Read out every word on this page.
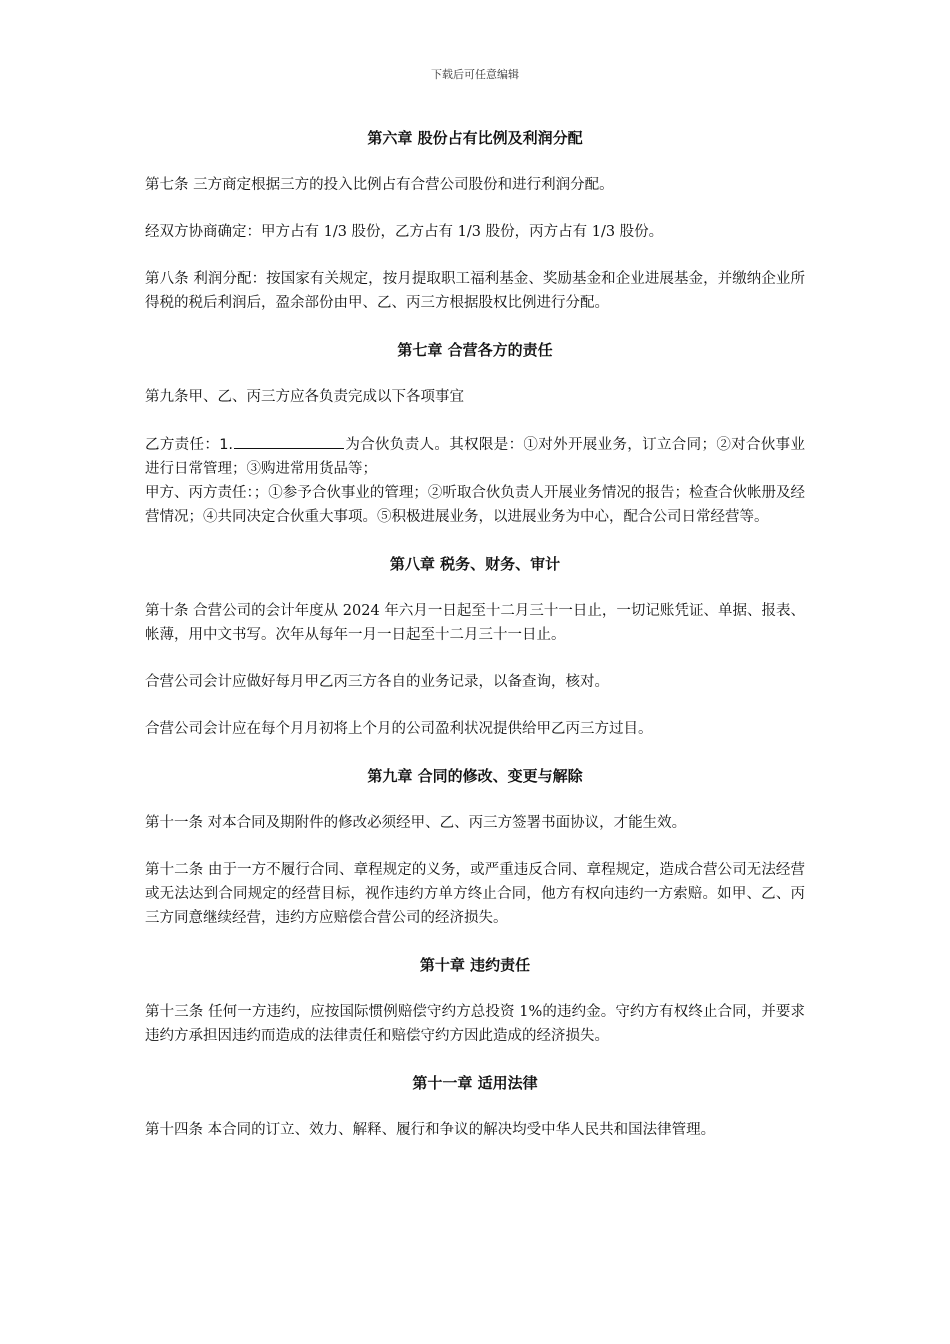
下载后可任意编辑
第六章 股份占有比例及利润分配

第七条 三方商定根据三方的投入比例占有合营公司股份和进行利润分配。

经双方协商确定：甲方占有 1/3 股份，乙方占有 1/3 股份，丙方占有 1/3 股份。

第八条 利润分配：按国家有关规定，按月提取职工福利基金、奖励基金和企业进展基金，并缴纳企业所得税的税后利润后，盈余部份由甲、乙、丙三方根据股权比例进行分配。

第七章 合营各方的责任

第九条甲、乙、丙三方应各负责完成以下各项事宜

乙方责任：1.	为合伙负责人。其权限是：①对外开展业务，订立合同；②对合伙事业进行日常管理；③购进常用货品等；

甲方、丙方责任：；①参予合伙事业的管理；②听取合伙负责人开展业务情况的报告；检查合伙帐册及经营情况；④共同决定合伙重大事项。⑤积极进展业务，以进展业务为中心，配合公司日常经营等。

第八章 税务、财务、审计

第十条 合营公司的会计年度从 2024 年六月一日起至十二月三十一日止，一切记账凭证、单据、报表、帐薄，用中文书写。次年从每年一月一日起至十二月三十一日止。

合营公司会计应做好每月甲乙丙三方各自的业务记录，以备查询，核对。

合营公司会计应在每个月月初将上个月的公司盈利状况提供给甲乙丙三方过目。

第九章 合同的修改、变更与解除

第十一条 对本合同及期附件的修改必须经甲、乙、丙三方签署书面协议，才能生效。

第十二条 由于一方不履行合同、章程规定的义务，或严重违反合同、章程规定，造成合营公司无法经营或无法达到合同规定的经营目标，视作违约方单方终止合同，他方有权向违约一方索赔。如甲、乙、丙三方同意继续经营，违约方应赔偿合营公司的经济损失。

第十章 违约责任

第十三条 任何一方违约，应按国际惯例赔偿守约方总投资 1%的违约金。守约方有权终止合同，并要求违约方承担因违约而造成的法律责任和赔偿守约方因此造成的经济损失。

第十一章 适用法律

第十四条 本合同的订立、效力、解释、履行和争议的解决均受中华人民共和国法律管理。
